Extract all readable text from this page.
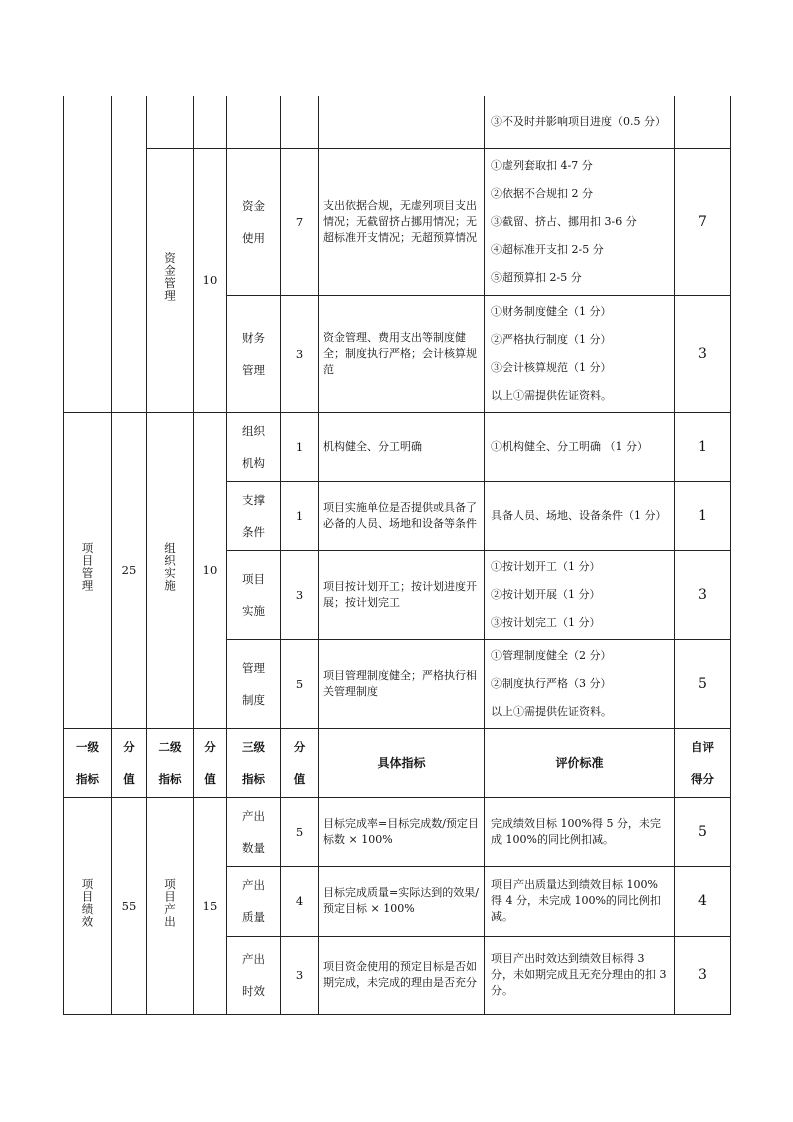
							③不及时并影响项目进度（0.5 分）	

		资金管理	10	资金使用	7	支出依据合规，无虚列项目支出情况；无截留挤占挪用情况；无超标准开支情况；无超预算情况	①虚列套取扣 4-7 分
②依据不合规扣 2 分
③截留、挤占、挪用扣 3-6 分
④超标准开支扣 2-5 分
⑤超预算扣 2-5 分	7
				财务管理	3	资金管理、费用支出等制度健全；制度执行严格；会计核算规范	①财务制度健全（1 分）
②严格执行制度（1 分）
③会计核算规范（1 分）
以上①需提供佐证资料。	3
项目管理	25	组织实施	10	组织机构	1	机构健全、分工明确	①机构健全、分工明确 （1 分）	1
				支撑条件	1	项目实施单位是否提供或具备了必备的人员、场地和设备等条件	具备人员、场地、设备条件（1 分）	1
				项目实施	3	项目按计划开工；按计划进度开展；按计划完工	①按计划开工（1 分）
②按计划开展（1 分）
③按计划完工（1 分）	3
				管理制度	5	项目管理制度健全；严格执行相关管理制度	①管理制度健全（2 分）
②制度执行严格（3 分）
以上①需提供佐证资料。	5
一级指标	分值	二级指标	分值	三级指标	分值	具体指标	评价标准	自评得分
项目绩效	55	项目产出	15	产出数量	5	目标完成率=目标完成数/预定目标数 × 100%	完成绩效目标 100%得 5 分，未完成 100%的同比例扣减。	5
				产出质量	4	目标完成质量=实际达到的效果/预定目标 × 100%	项目产出质量达到绩效目标 100%得 4 分，未完成 100%的同比例扣减。	4
				产出时效	3	项目资金使用的预定目标是否如期完成，未完成的理由是否充分	项目产出时效达到绩效目标得 3 分，未如期完成且无充分理由的扣 3 分。	3
